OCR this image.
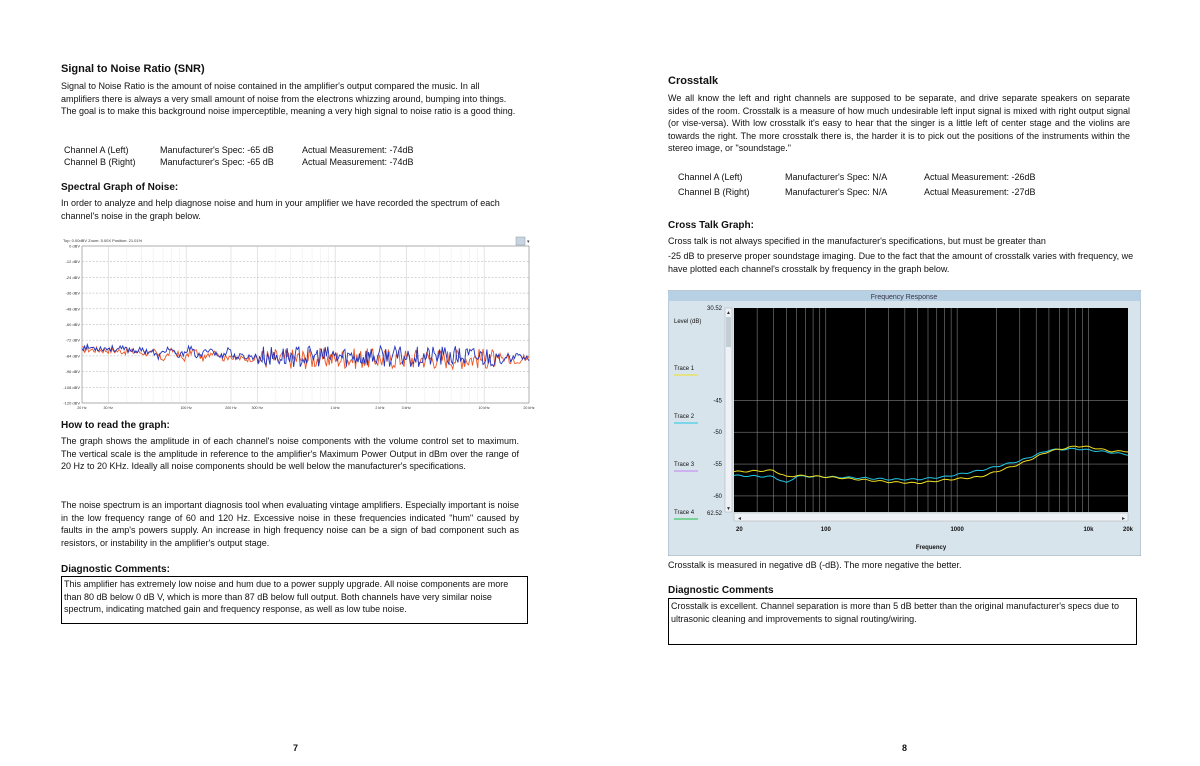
Signal to Noise Ratio (SNR)
Signal to Noise Ratio is the amount of noise contained in the amplifier's output compared the music. In all amplifiers there is always a very small amount of noise from the electrons whizzing around, bumping into things. The goal is to make this background noise imperceptible, meaning a very high signal to noise ratio is a good thing.
Channel A (Left)	Manufacturer's Spec: -65 dB	Actual Measurement: -74dB
Channel B (Right)	Manufacturer's Spec: -65 dB	Actual Measurement: -74dB
Spectral Graph of Noise:
In order to analyze and help diagnose noise and hum in your amplifier we have recorded the spectrum of each channel's noise in the graph below.
Top: 0.00dBV Zoom: 5.00X Position: 21.01%	▾
0 dBV
-12 dBV
-24 dBV
-36 dBV
-48 dBV
-60 dBV
-72 dBV
-84 dBV
-96 dBV
-108 dBV
-120 dBV
20 Hz	30 Hz	100 Hz	200 Hz	300 Hz	1 kHz	2 kHz	3 kHz	10 kHz	20 kHz
How to read the graph:
The graph shows the amplitude in of each channel's noise components with the volume control set to maximum. The vertical scale is the amplitude in reference to the amplifier's Maximum Power Output in dBm over the range of 20 Hz to 20 KHz. Ideally all noise components should be well below the manufacturer's specifications.
The noise spectrum is an important diagnosis tool when evaluating vintage amplifiers. Especially important is noise in the low frequency range of 60 and 120 Hz. Excessive noise in these frequencies indicated "hum" caused by faults in the amp's powers supply. An increase in high frequency noise can be a sign of bad component such as resistors, or instability in the amplifier's output stage.
Diagnostic Comments:
This amplifier has extremely low noise and hum due to a power supply upgrade. All noise components are more than 80 dB below 0 dB V, which is more than 87 dB below full output. Both channels have very similar noise spectrum, indicating matched gain and frequency response, as well as low tube noise.
7
Crosstalk
We all know the left and right channels are supposed to be separate, and drive separate speakers on separate sides of the room. Crosstalk is a measure of how much undesirable left input signal is mixed with right output signal (or vise-versa). With low crosstalk it's easy to hear that the singer is a little left of center stage and the violins are towards the right. The more crosstalk there is, the harder it is to pick out the positions of the instruments within the stereo image, or "soundstage."
Channel A (Left)	Manufacturer's Spec: N/A	Actual Measurement: -26dB
Channel B (Right)	Manufacturer's Spec: N/A	Actual Measurement: -27dB
Cross Talk Graph:
Cross talk is not always specified in the manufacturer's specifications, but must be greater than
-25 dB to preserve proper soundstage imaging. Due to the fact that the amount of crosstalk varies with frequency, we have plotted each channel's crosstalk by frequency in the graph below.
Frequency Response
▲
▼
◂	▸
Level (dB)
30.52
62.52
-45
-50
-55
-60
Trace 1
Trace 2
Trace 3
Trace 4
20	100	1000	10k	20k
Frequency
Crosstalk is measured in negative dB (-dB). The more negative the better.
Diagnostic Comments
Crosstalk is excellent. Channel separation is more than 5 dB better than the original manufacturer's specs due to ultrasonic cleaning and improvements to signal routing/wiring.
8
